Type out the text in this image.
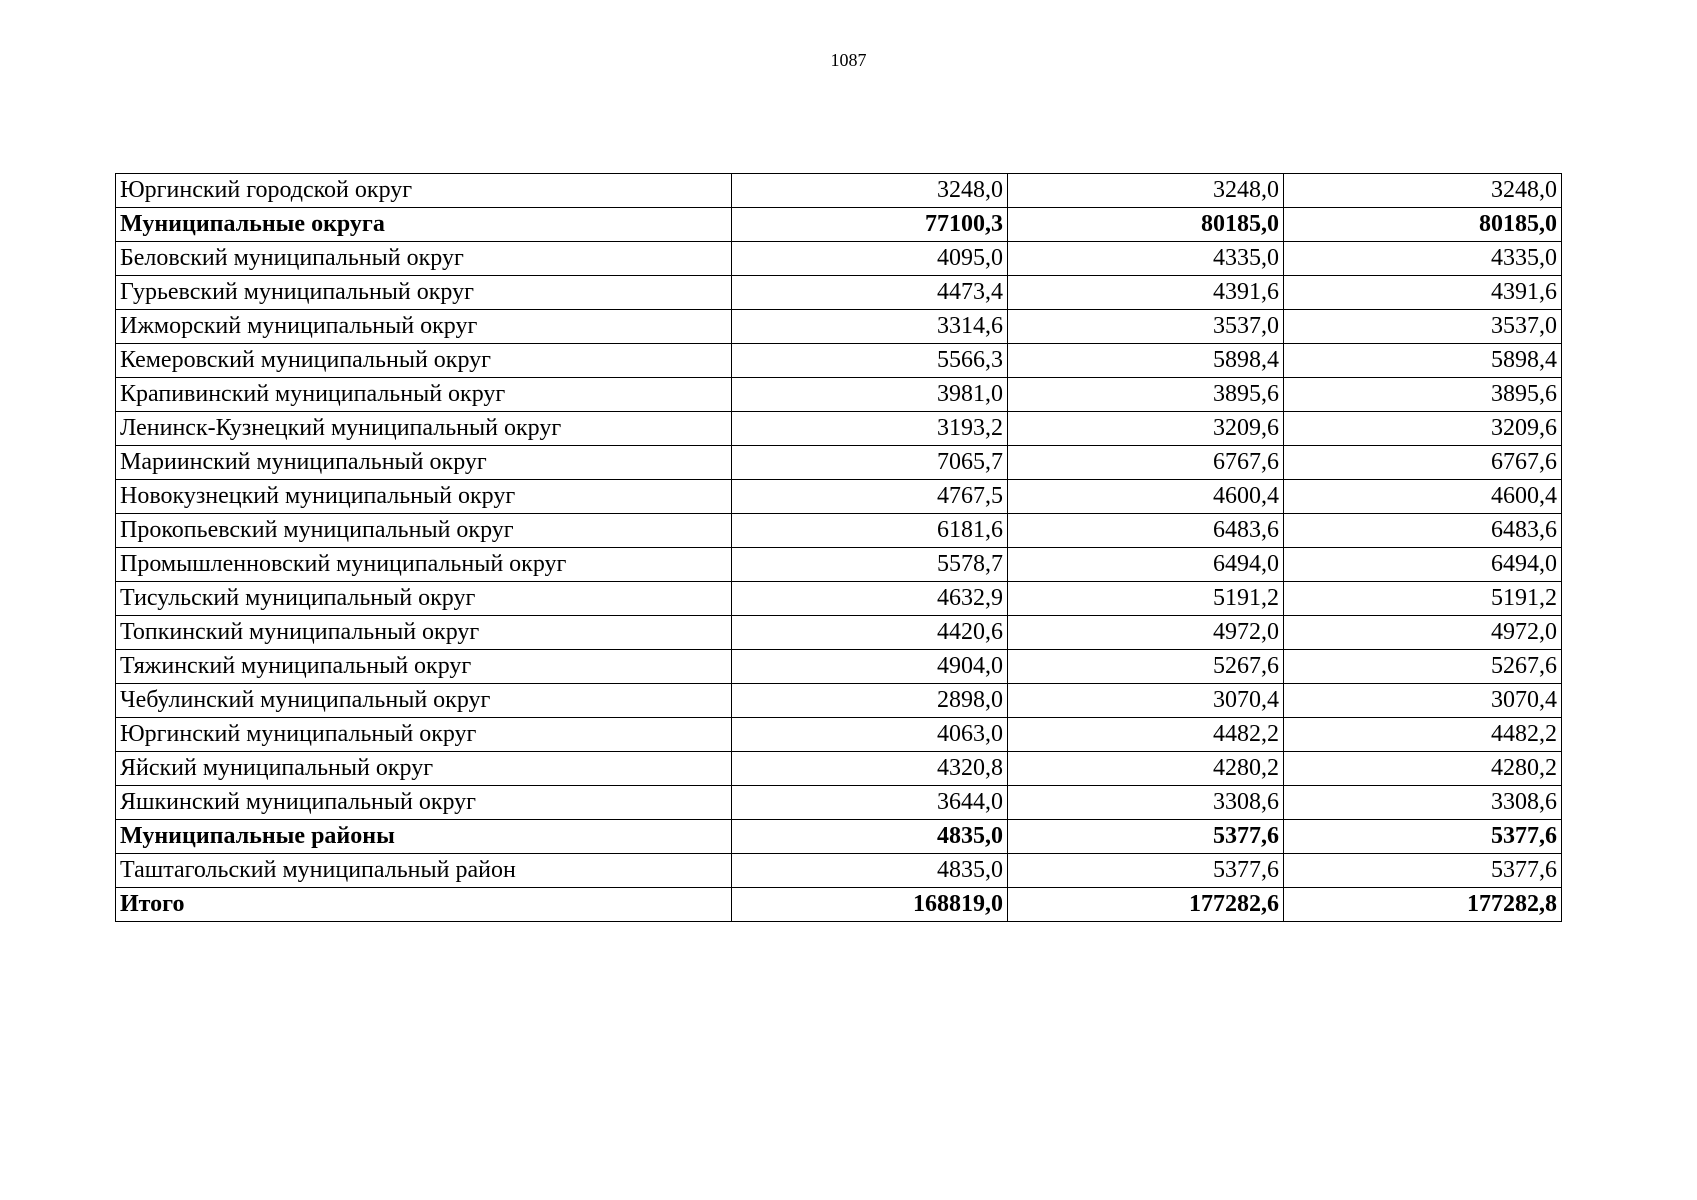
1087
Юргинский городской округ	3248,0	3248,0	3248,0
Муниципальные округа	77100,3	80185,0	80185,0
Беловский муниципальный округ	4095,0	4335,0	4335,0
Гурьевский муниципальный округ	4473,4	4391,6	4391,6
Ижморский муниципальный округ	3314,6	3537,0	3537,0
Кемеровский муниципальный округ	5566,3	5898,4	5898,4
Крапивинский муниципальный округ	3981,0	3895,6	3895,6
Ленинск-Кузнецкий муниципальный округ	3193,2	3209,6	3209,6
Мариинский муниципальный округ	7065,7	6767,6	6767,6
Новокузнецкий муниципальный округ	4767,5	4600,4	4600,4
Прокопьевский муниципальный округ	6181,6	6483,6	6483,6
Промышленновский муниципальный округ	5578,7	6494,0	6494,0
Тисульский муниципальный округ	4632,9	5191,2	5191,2
Топкинский муниципальный округ	4420,6	4972,0	4972,0
Тяжинский муниципальный округ	4904,0	5267,6	5267,6
Чебулинский муниципальный округ	2898,0	3070,4	3070,4
Юргинский муниципальный округ	4063,0	4482,2	4482,2
Яйский муниципальный округ	4320,8	4280,2	4280,2
Яшкинский муниципальный округ	3644,0	3308,6	3308,6
Муниципальные районы	4835,0	5377,6	5377,6
Таштагольский муниципальный район	4835,0	5377,6	5377,6
Итого	168819,0	177282,6	177282,8
